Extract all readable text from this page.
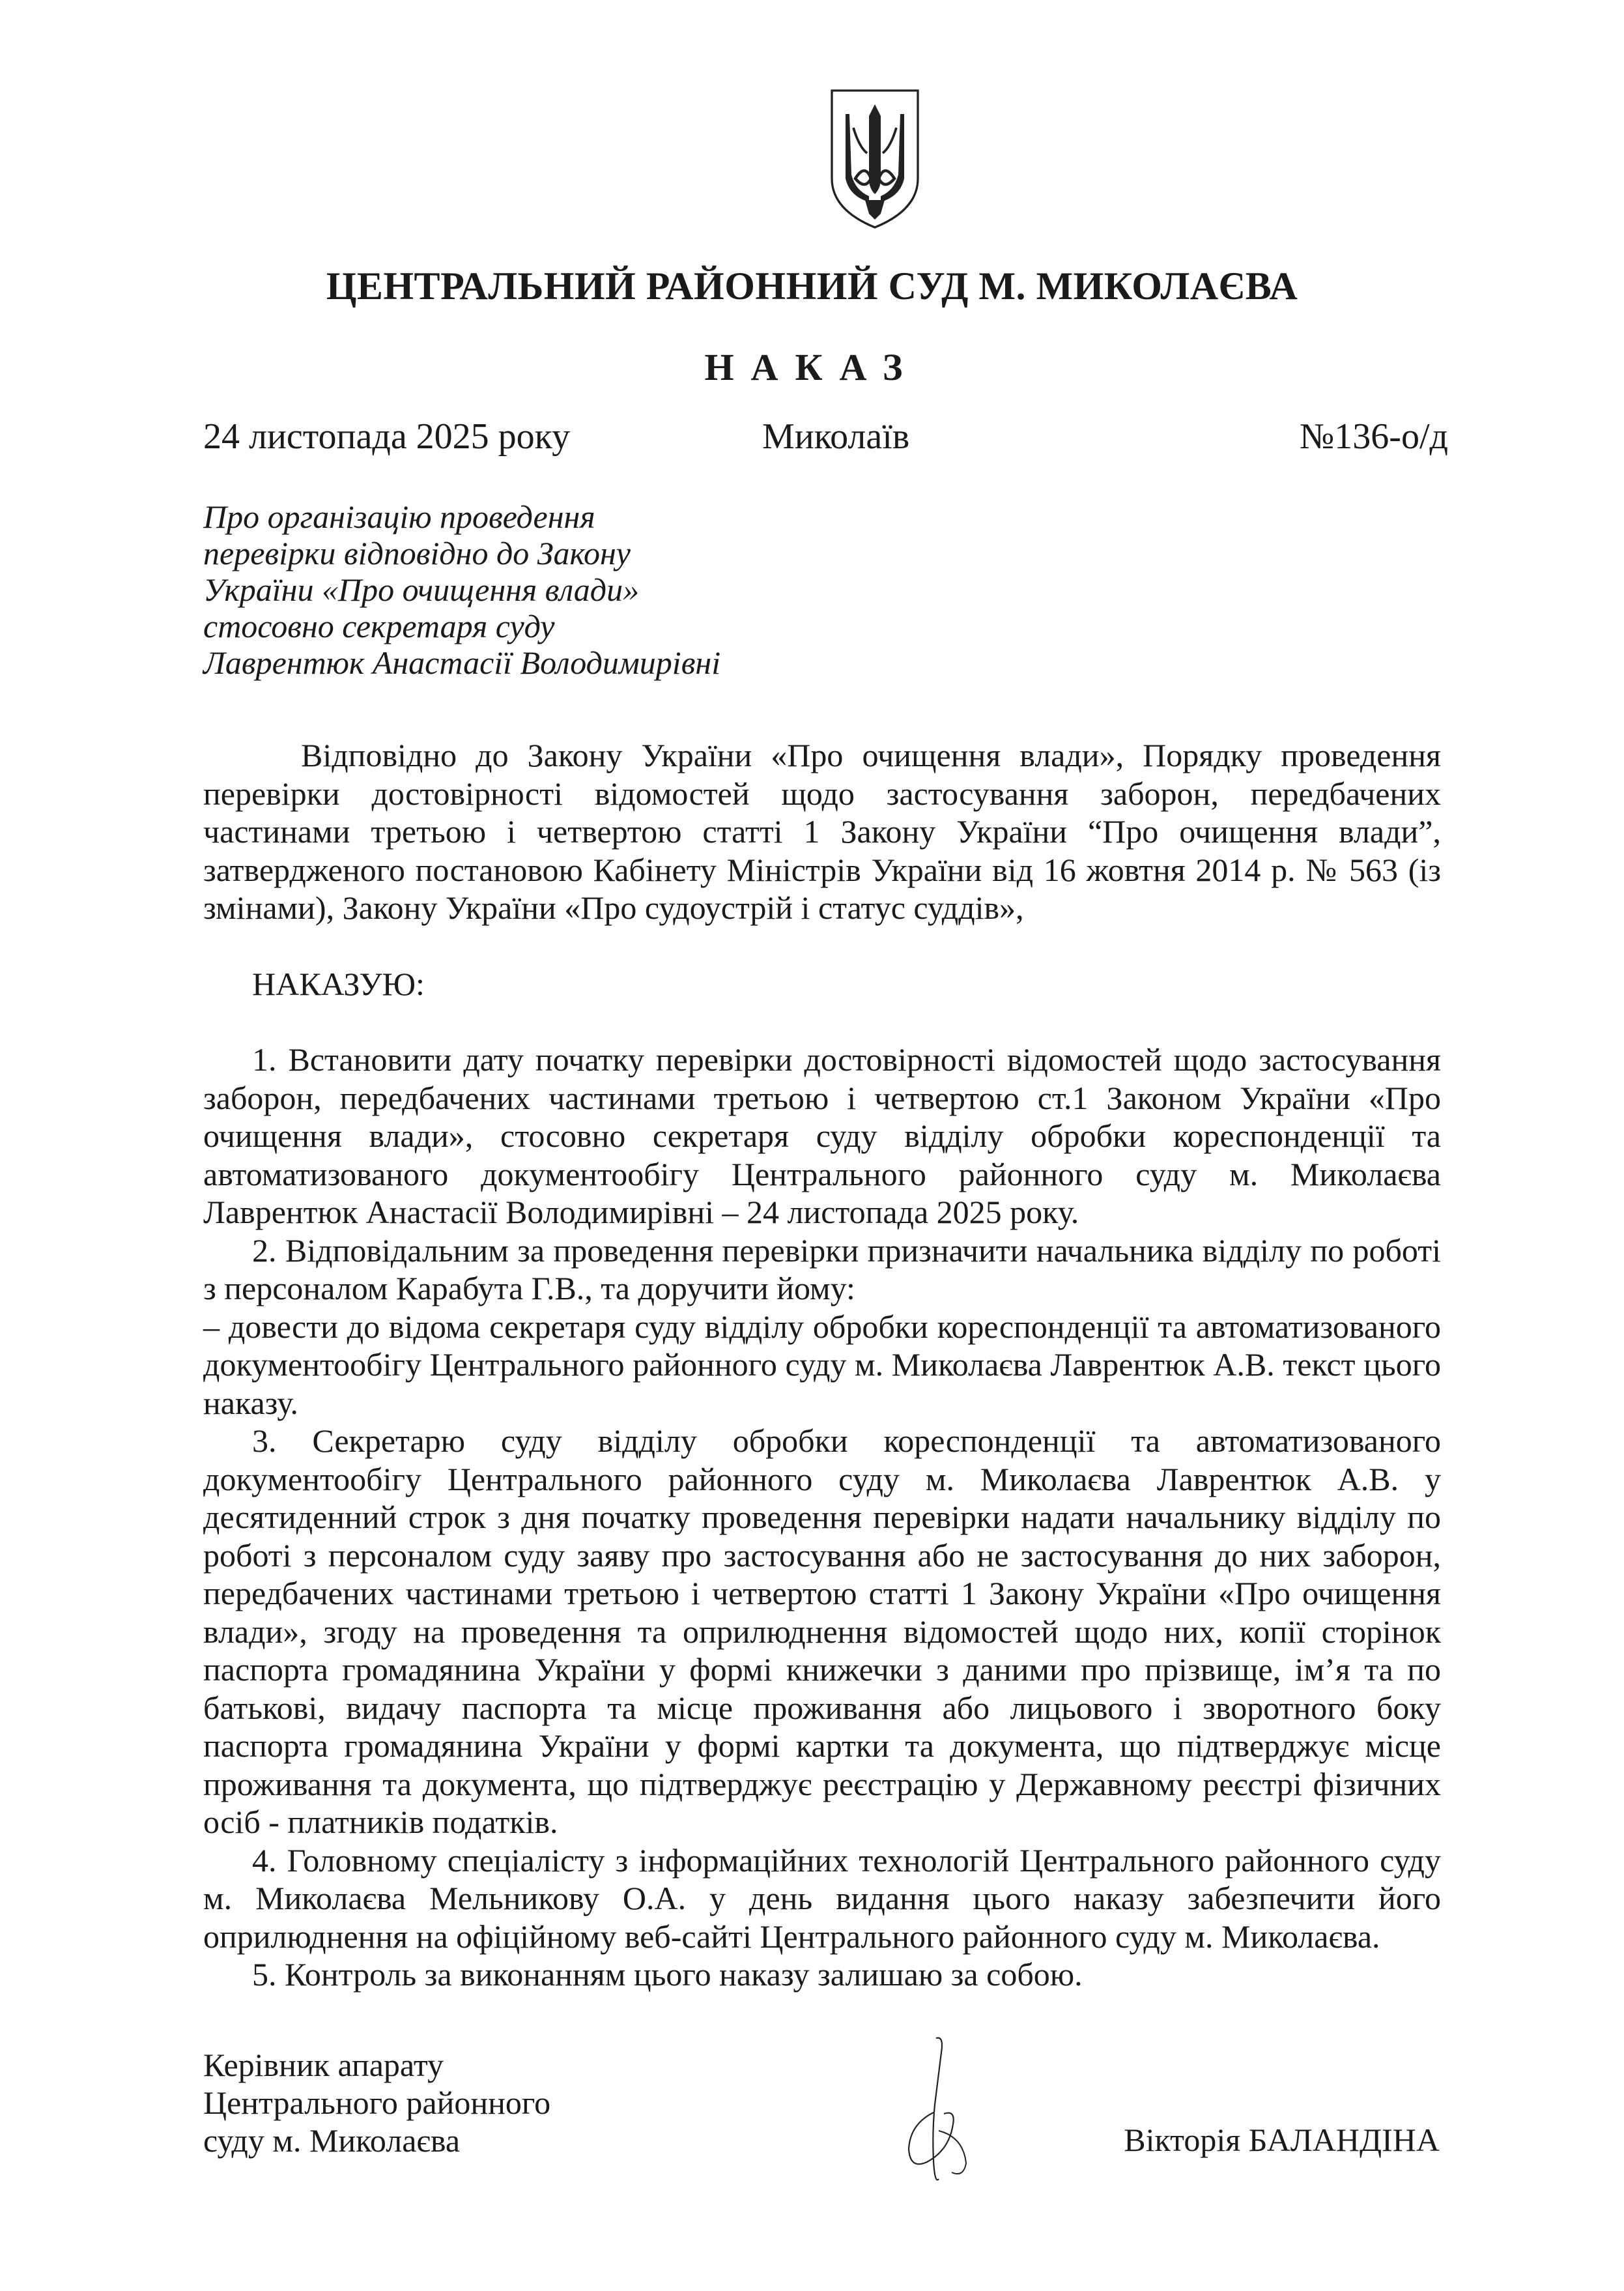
ЦЕНТРАЛЬНИЙ РАЙОННИЙ СУД М. МИКОЛАЄВА
НАКАЗ
24 листопада 2025 року	Миколаїв	№136-о/д
Про організацію проведення
перевірки відповідно до Закону
України «Про очищення влади»
стосовно секретаря суду
Лаврентюк Анастасії Володимирівні

Відповідно до Закону України «Про очищення влади», Порядку проведення перевірки достовірності відомостей щодо застосування заборон, передбачених частинами третьою і четвертою статті 1 Закону України “Про очищення влади”, затвердженого постановою Кабінету Міністрів України від 16 жовтня 2014 р. № 563 (із змінами), Закону України «Про судоустрій і статус суддів»,

НАКАЗУЮ:

1. Встановити дату початку перевірки достовірності відомостей щодо застосування заборон, передбачених частинами третьою і четвертою ст.1 Законом України «Про очищення влади», стосовно секретаря суду відділу обробки кореспонденції та автоматизованого документообігу Центрального районного суду м. Миколаєва Лаврентюк Анастасії Володимирівні – 24 листопада 2025 року.

2. Відповідальним за проведення перевірки призначити начальника відділу по роботі з персоналом Карабута Г.В., та доручити йому:

– довести до відома секретаря суду відділу обробки кореспонденції та автоматизованого документообігу Центрального районного суду м. Миколаєва Лаврентюк А.В. текст цього наказу.

3. Секретарю суду відділу обробки кореспонденції та автоматизованого документообігу Центрального районного суду м. Миколаєва Лаврентюк А.В. у десятиденний строк з дня початку проведення перевірки надати начальнику відділу по роботі з персоналом суду заяву про застосування або не застосування до них заборон, передбачених частинами третьою і четвертою статті 1 Закону України «Про очищення влади», згоду на проведення та оприлюднення відомостей щодо них, копії сторінок паспорта громадянина України у формі книжечки з даними про прізвище, ім’я та по батькові, видачу паспорта та місце проживання або лицьового і зворотного боку паспорта громадянина України у формі картки та документа, що підтверджує місце проживання та документа, що підтверджує реєстрацію у Державному реєстрі фізичних осіб - платників податків.

4. Головному спеціалісту з інформаційних технологій Центрального районного суду м. Миколаєва Мельникову О.А. у день видання цього наказу забезпечити його оприлюднення на офіційному веб-сайті Центрального районного суду м. Миколаєва.

5. Контроль за виконанням цього наказу залишаю за собою.

Керівник апарату
Центрального районного
суду м. Миколаєва	Вікторія БАЛАНДІНА
